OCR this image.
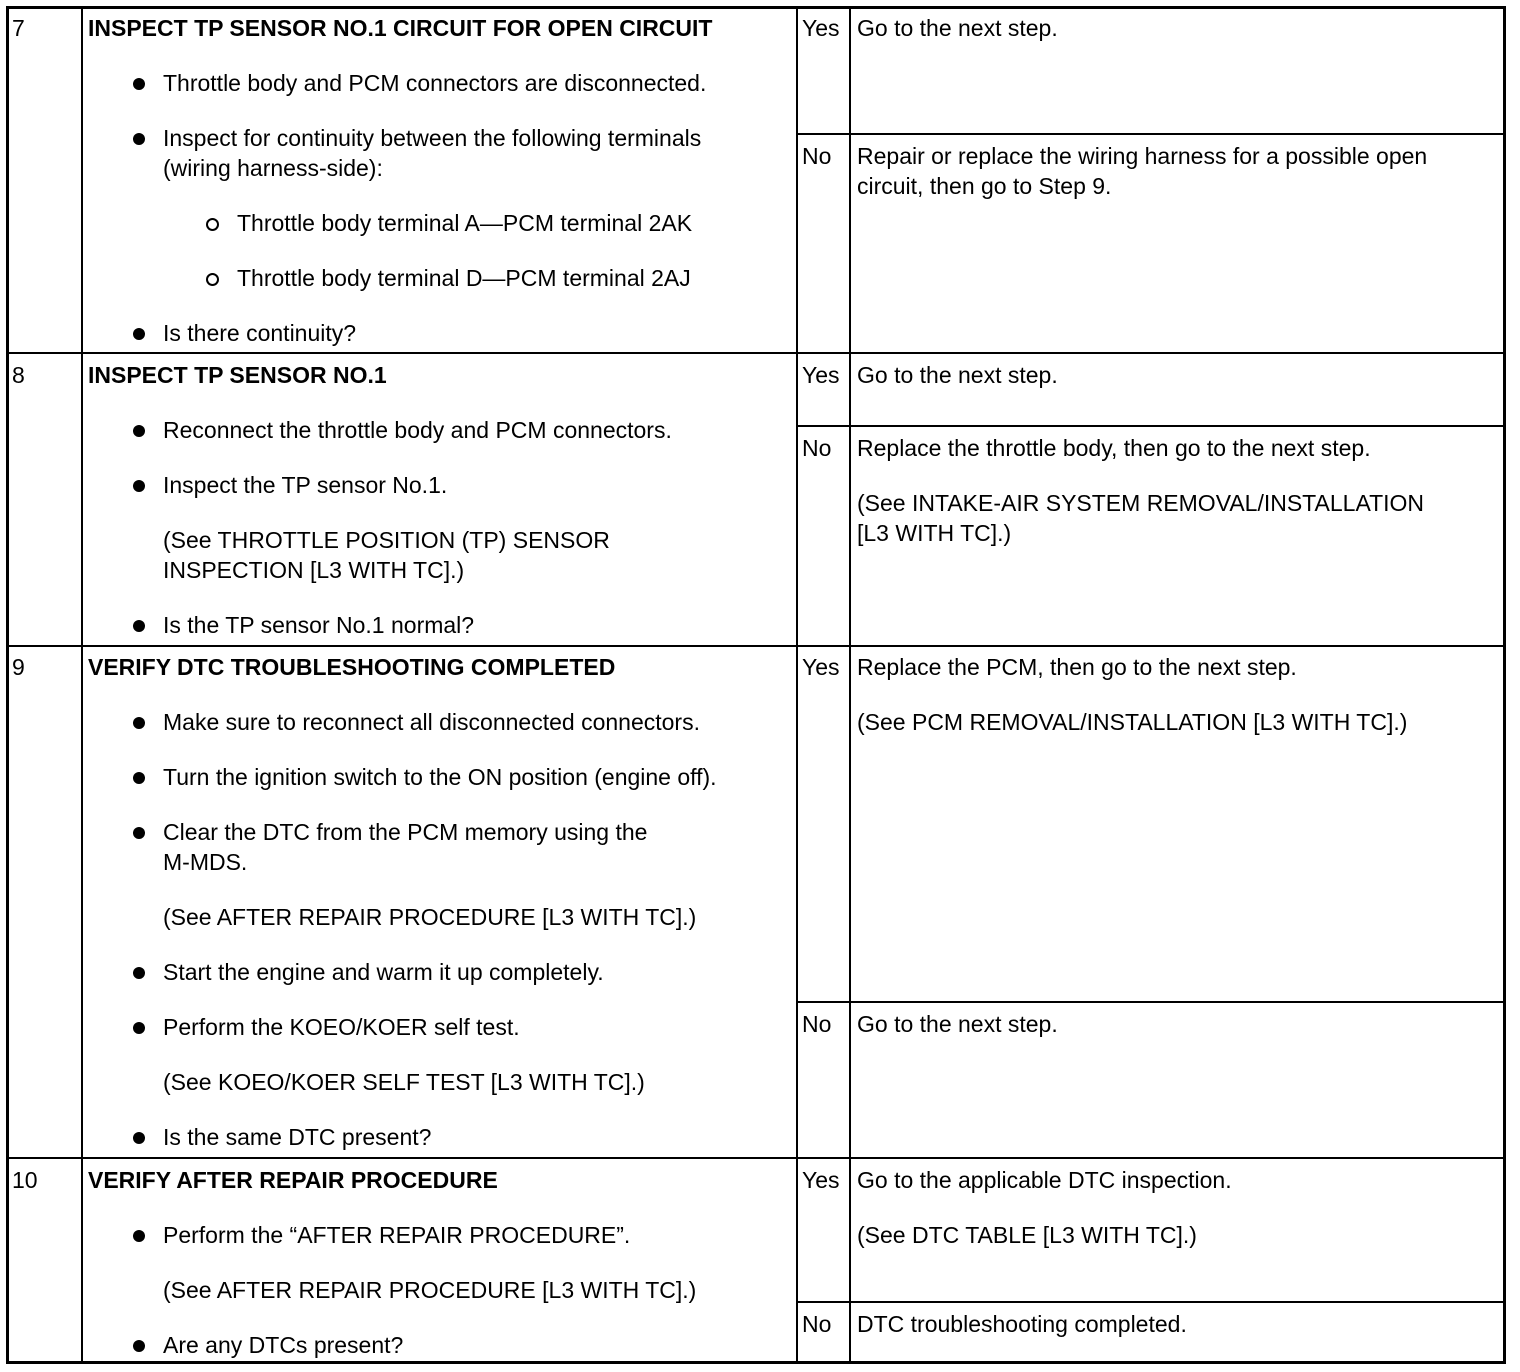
7	INSPECT TP SENSOR NO.1 CIRCUIT FOR OPEN CIRCUIT
Throttle body and PCM connectors are disconnected.
Inspect for continuity between the following terminals
(wiring harness-side):
Throttle body terminal A—PCM terminal 2AK
Throttle body terminal D—PCM terminal 2AJ
Is there continuity?
Yes Go to the next step.
No Repair or replace the wiring harness for a possible open
circuit, then go to Step 9.
8	INSPECT TP SENSOR NO.1
Reconnect the throttle body and PCM connectors.
Inspect the TP sensor No.1.
(See THROTTLE POSITION (TP) SENSOR
INSPECTION [L3 WITH TC].)
Is the TP sensor No.1 normal?
Yes Go to the next step.
No Replace the throttle body, then go to the next step.
(See INTAKE-AIR SYSTEM REMOVAL/INSTALLATION
[L3 WITH TC].)
9	VERIFY DTC TROUBLESHOOTING COMPLETED
Make sure to reconnect all disconnected connectors.
Turn the ignition switch to the ON position (engine off).
Clear the DTC from the PCM memory using the
M-MDS.
(See AFTER REPAIR PROCEDURE [L3 WITH TC].)
Start the engine and warm it up completely.
Perform the KOEO/KOER self test.
(See KOEO/KOER SELF TEST [L3 WITH TC].)
Is the same DTC present?
Yes Replace the PCM, then go to the next step.
(See PCM REMOVAL/INSTALLATION [L3 WITH TC].)
No Go to the next step.
10 VERIFY AFTER REPAIR PROCEDURE
Perform the “AFTER REPAIR PROCEDURE”.
(See AFTER REPAIR PROCEDURE [L3 WITH TC].)
Are any DTCs present?
Yes Go to the applicable DTC inspection.
(See DTC TABLE [L3 WITH TC].)
No DTC troubleshooting completed.
